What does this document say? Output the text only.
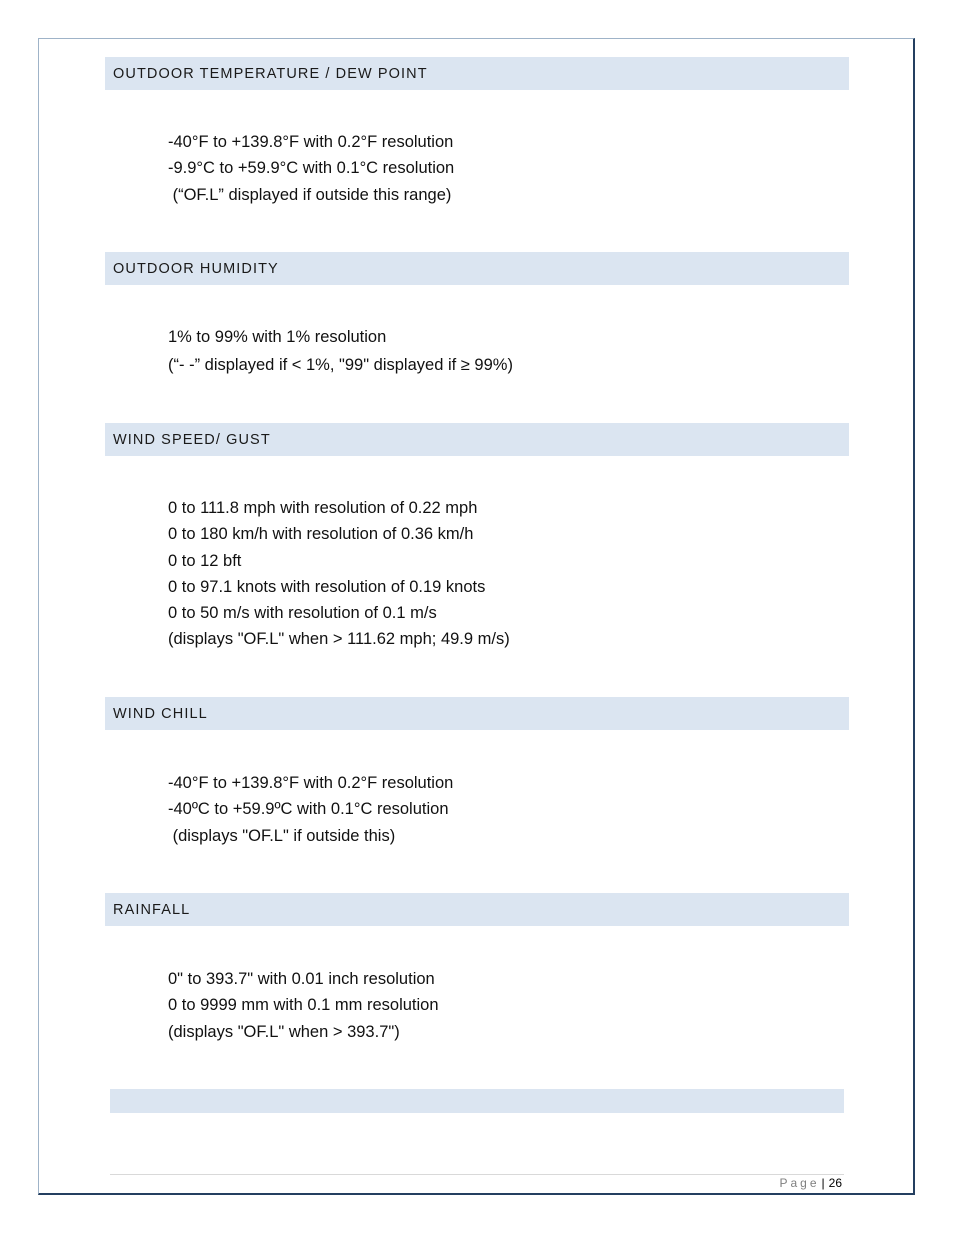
OUTDOOR TEMPERATURE / DEW POINT
-40°F to +139.8°F with 0.2°F resolution
-9.9°C to +59.9°C with 0.1°C resolution
(“OF.L” displayed if outside this range)
OUTDOOR HUMIDITY
1% to 99% with 1% resolution
(“- -” displayed if < 1%, "99" displayed if ≥ 99%)
WIND SPEED/ GUST
0 to 111.8 mph with resolution of 0.22 mph
0 to 180 km/h with resolution of 0.36 km/h
0 to 12 bft
0 to 97.1 knots with resolution of 0.19 knots
0 to 50 m/s with resolution of 0.1 m/s
(displays "OF.L" when > 111.62 mph; 49.9 m/s)
WIND CHILL
-40°F to +139.8°F with 0.2°F resolution
-40ºC to +59.9ºC with 0.1°C resolution
(displays "OF.L" if outside this)
RAINFALL
0" to 393.7" with 0.01 inch resolution
0 to 9999 mm with 0.1 mm resolution
(displays "OF.L" when > 393.7")
Page | 26
